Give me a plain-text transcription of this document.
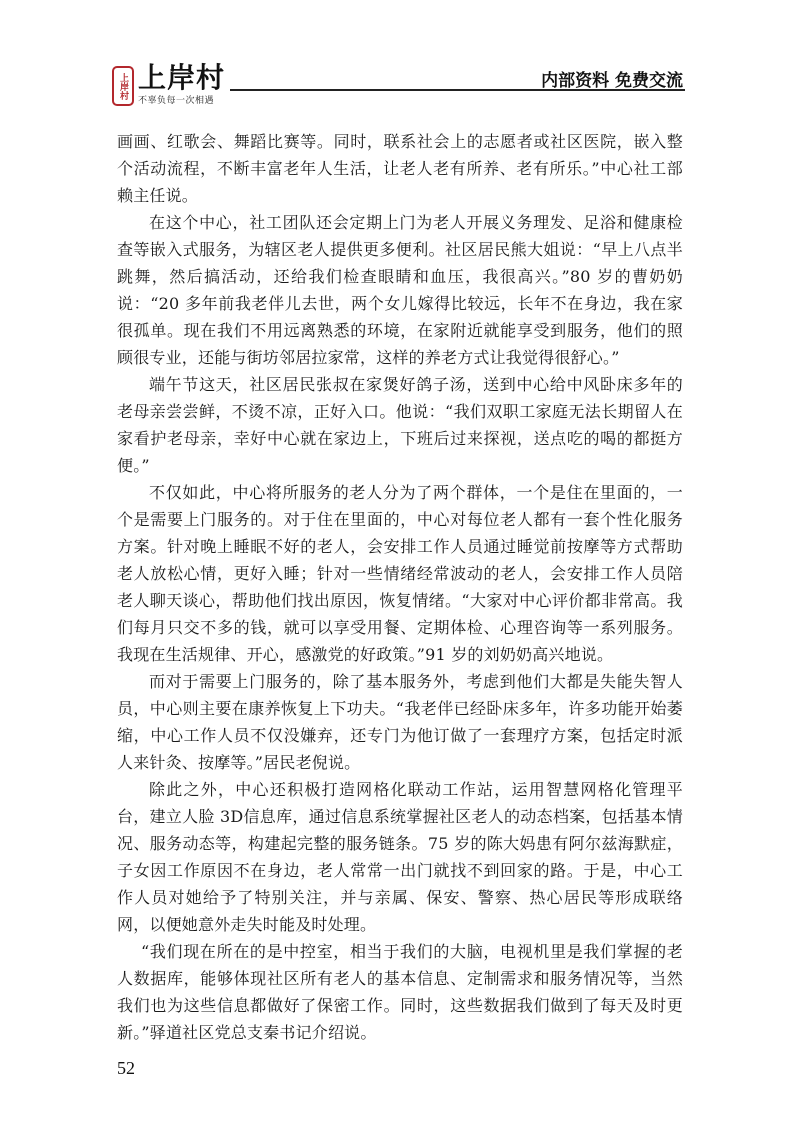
上岸村 上岸村
不辜负每一次相遇
内部资料 免费交流

画画、红歌会、舞蹈比赛等。同时，联系社会上的志愿者或社区医院，嵌入整个活动流程，不断丰富老年人生活，让老人老有所养、老有所乐。”中心社工部赖主任说。

在这个中心，社工团队还会定期上门为老人开展义务理发、足浴和健康检查等嵌入式服务，为辖区老人提供更多便利。社区居民熊大姐说：“早上八点半跳舞，然后搞活动，还给我们检查眼睛和血压，我很高兴。”80 岁的曹奶奶说：“20 多年前我老伴儿去世，两个女儿嫁得比较远，长年不在身边，我在家很孤单。现在我们不用远离熟悉的环境，在家附近就能享受到服务，他们的照顾很专业，还能与街坊邻居拉家常，这样的养老方式让我觉得很舒心。”

端午节这天，社区居民张叔在家煲好鸽子汤，送到中心给中风卧床多年的老母亲尝尝鲜，不烫不凉，正好入口。他说：“我们双职工家庭无法长期留人在家看护老母亲，幸好中心就在家边上，下班后过来探视，送点吃的喝的都挺方便。”

不仅如此，中心将所服务的老人分为了两个群体，一个是住在里面的，一个是需要上门服务的。对于住在里面的，中心对每位老人都有一套个性化服务方案。针对晚上睡眠不好的老人，会安排工作人员通过睡觉前按摩等方式帮助老人放松心情，更好入睡；针对一些情绪经常波动的老人，会安排工作人员陪老人聊天谈心，帮助他们找出原因，恢复情绪。“大家对中心评价都非常高。我们每月只交不多的钱，就可以享受用餐、定期体检、心理咨询等一系列服务。我现在生活规律、开心，感激党的好政策。”91 岁的刘奶奶高兴地说。

而对于需要上门服务的，除了基本服务外，考虑到他们大都是失能失智人员，中心则主要在康养恢复上下功夫。“我老伴已经卧床多年，许多功能开始萎缩，中心工作人员不仅没嫌弃，还专门为他订做了一套理疗方案，包括定时派人来针灸、按摩等。”居民老倪说。

除此之外，中心还积极打造网格化联动工作站，运用智慧网格化管理平台，建立人脸 3D信息库，通过信息系统掌握社区老人的动态档案，包括基本情况、服务动态等，构建起完整的服务链条。75 岁的陈大妈患有阿尔兹海默症，子女因工作原因不在身边，老人常常一出门就找不到回家的路。于是，中心工作人员对她给予了特别关注，并与亲属、保安、警察、热心居民等形成联络网，以便她意外走失时能及时处理。

“我们现在所在的是中控室，相当于我们的大脑，电视机里是我们掌握的老人数据库，能够体现社区所有老人的基本信息、定制需求和服务情况等，当然我们也为这些信息都做好了保密工作。同时，这些数据我们做到了每天及时更新。”驿道社区党总支秦书记介绍说。

52
